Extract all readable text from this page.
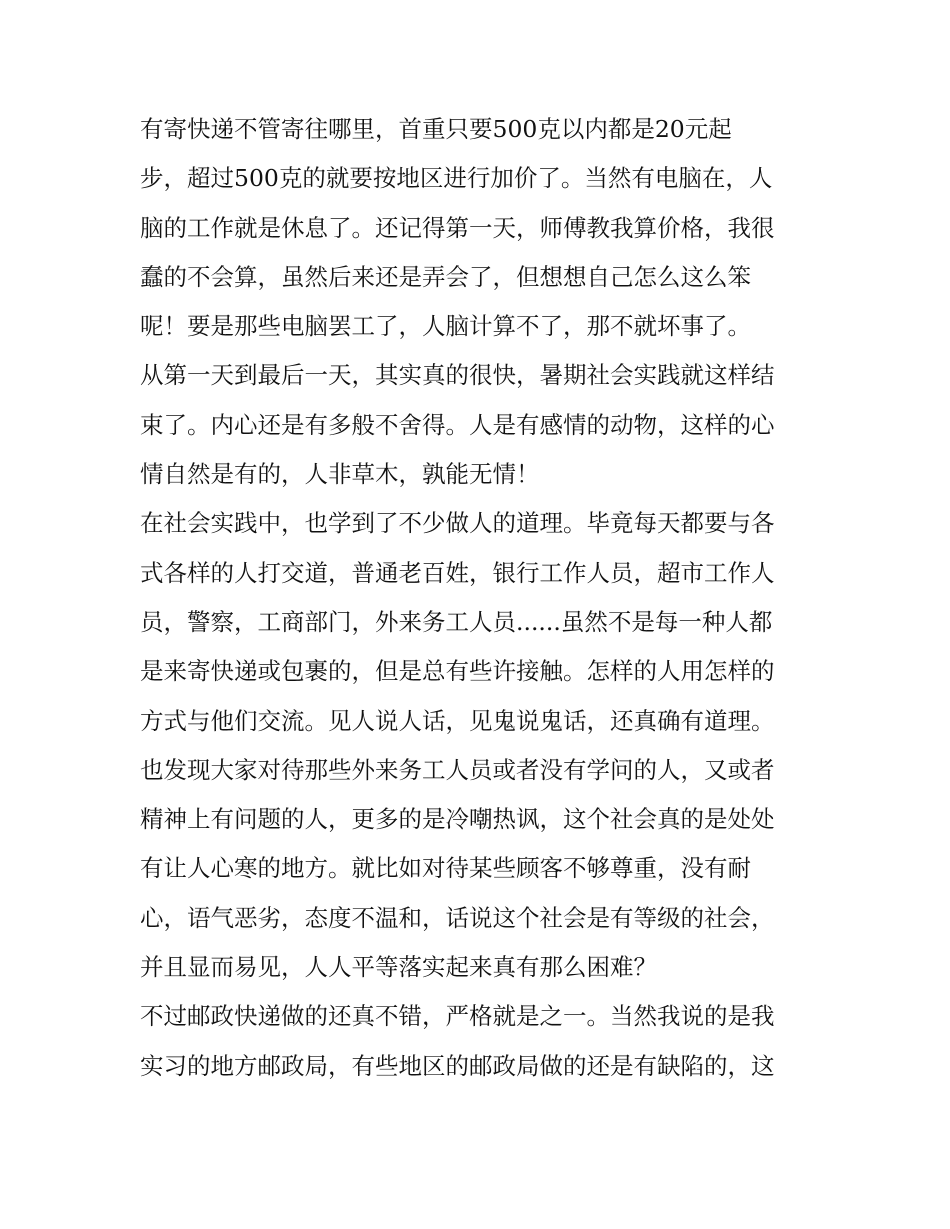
有寄快递不管寄往哪里，首重只要500克以内都是20元起
步，超过500克的就要按地区进行加价了。当然有电脑在，人
脑的工作就是休息了。还记得第一天，师傅教我算价格，我很
蠢的不会算，虽然后来还是弄会了，但想想自己怎么这么笨
呢！要是那些电脑罢工了，人脑计算不了，那不就坏事了。
从第一天到最后一天，其实真的很快，暑期社会实践就这样结
束了。内心还是有多般不舍得。人是有感情的动物，这样的心
情自然是有的，人非草木，孰能无情！
在社会实践中，也学到了不少做人的道理。毕竟每天都要与各
式各样的人打交道，普通老百姓，银行工作人员，超市工作人
员，警察，工商部门，外来务工人员......虽然不是每一种人都
是来寄快递或包裹的，但是总有些许接触。怎样的人用怎样的
方式与他们交流。见人说人话，见鬼说鬼话，还真确有道理。
也发现大家对待那些外来务工人员或者没有学问的人，又或者
精神上有问题的人，更多的是冷嘲热讽，这个社会真的是处处
有让人心寒的地方。就比如对待某些顾客不够尊重，没有耐
心，语气恶劣，态度不温和，话说这个社会是有等级的社会，
并且显而易见，人人平等落实起来真有那么困难？
不过邮政快递做的还真不错，严格就是之一。当然我说的是我
实习的地方邮政局，有些地区的邮政局做的还是有缺陷的，这
